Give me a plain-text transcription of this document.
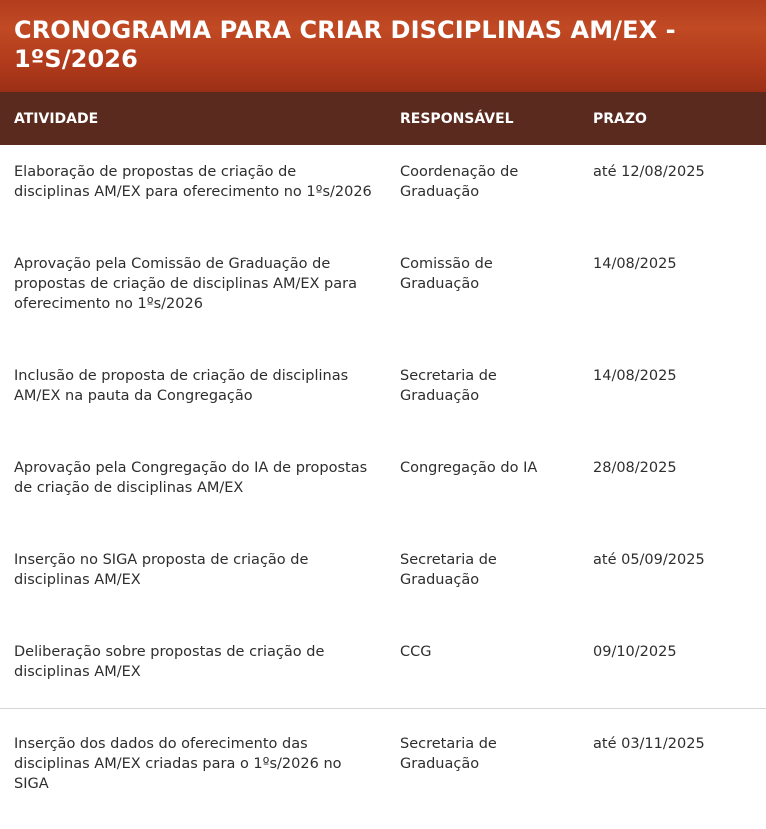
CRONOGRAMA PARA CRIAR DISCIPLINAS AM/EX - 1ºS/2026
ATIVIDADE	RESPONSÁVEL	PRAZO
Elaboração de propostas de criação de disciplinas AM/EX para oferecimento no 1ºs/2026	Coordenação de Graduação	até 12/08/2025
Aprovação pela Comissão de Graduação de propostas de criação de disciplinas AM/EX para oferecimento no 1ºs/2026	Comissão de Graduação	14/08/2025
Inclusão de proposta de criação de disciplinas AM/EX na pauta da Congregação	Secretaria de Graduação	14/08/2025
Aprovação pela Congregação do IA de propostas de criação de disciplinas AM/EX	Congregação do IA	28/08/2025
Inserção no SIGA proposta de criação de disciplinas AM/EX	Secretaria de Graduação	até 05/09/2025
Deliberação sobre propostas de criação de disciplinas AM/EX	CCG	09/10/2025
Inserção dos dados do oferecimento das disciplinas AM/EX criadas para o 1ºs/2026 no SIGA	Secretaria de Graduação	até 03/11/2025
